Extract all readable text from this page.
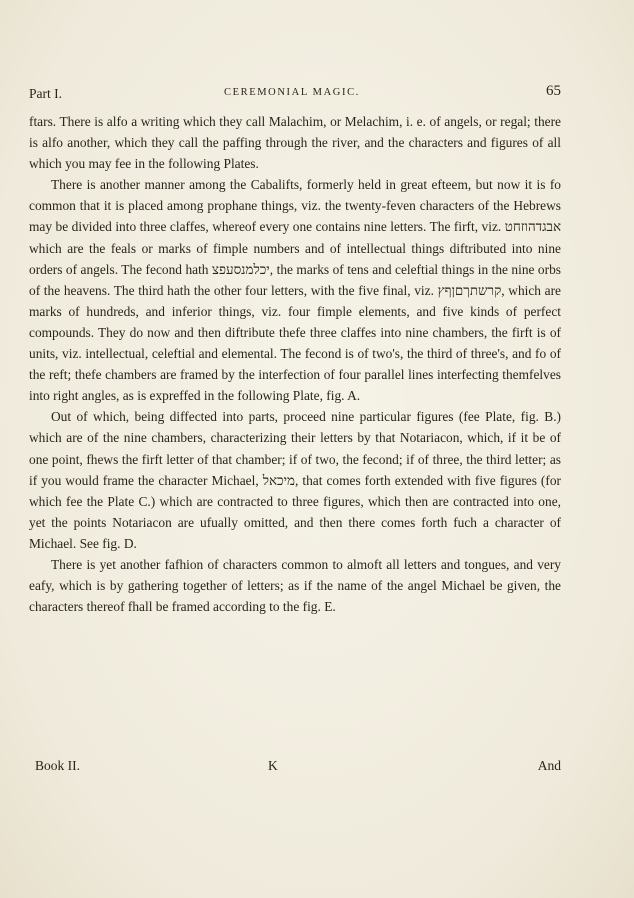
Part I.	CEREMONIAL MAGIC.	65

ftars. There is alfo a writing which they call Malachim, or Melachim, i. e. of angels, or regal; there is alfo another, which they call the paffing through the river, and the characters and figures of all which you may fee in the following Plates.

There is another manner among the Cabalifts, formerly held in great efteem, but now it is fo common that it is placed among prophane things, viz. the twenty-feven characters of the Hebrews may be divided into three claffes, whereof every one contains nine letters. The firft, viz. אבגדהוזחט which are the feals or marks of fimple numbers and of intellectual things diftributed into nine orders of angels. The fecond hath יכלמנסעפצ, the marks of tens and celeftial things in the nine orbs of the heavens. The third hath the other four letters, with the five final, viz. קרשתךםןףץ, which are marks of hundreds, and inferior things, viz. four fimple elements, and five kinds of perfect compounds. They do now and then diftribute thefe three claffes into nine chambers, the firft is of units, viz. intellectual, celeftial and elemental. The fecond is of two's, the third of three's, and fo of the reft; thefe chambers are framed by the interfection of four parallel lines interfecting themfelves into right angles, as is expreffed in the following Plate, fig. A.

Out of which, being diffected into parts, proceed nine particular figures (fee Plate, fig. B.) which are of the nine chambers, characterizing their letters by that Notariacon, which, if it be of one point, fhews the firft letter of that chamber; if of two, the fecond; if of three, the third letter; as if you would frame the character Michael, מיכאל, that comes forth extended with five figures (for which fee the Plate C.) which are contracted to three figures, which then are contracted into one, yet the points Notariacon are ufually omitted, and then there comes forth fuch a character of Michael. See fig. D.

There is yet another fafhion of characters common to almoft all letters and tongues, and very eafy, which is by gathering together of letters; as if the name of the angel Michael be given, the characters thereof fhall be framed according to the fig. E.

Book II.	K	And
